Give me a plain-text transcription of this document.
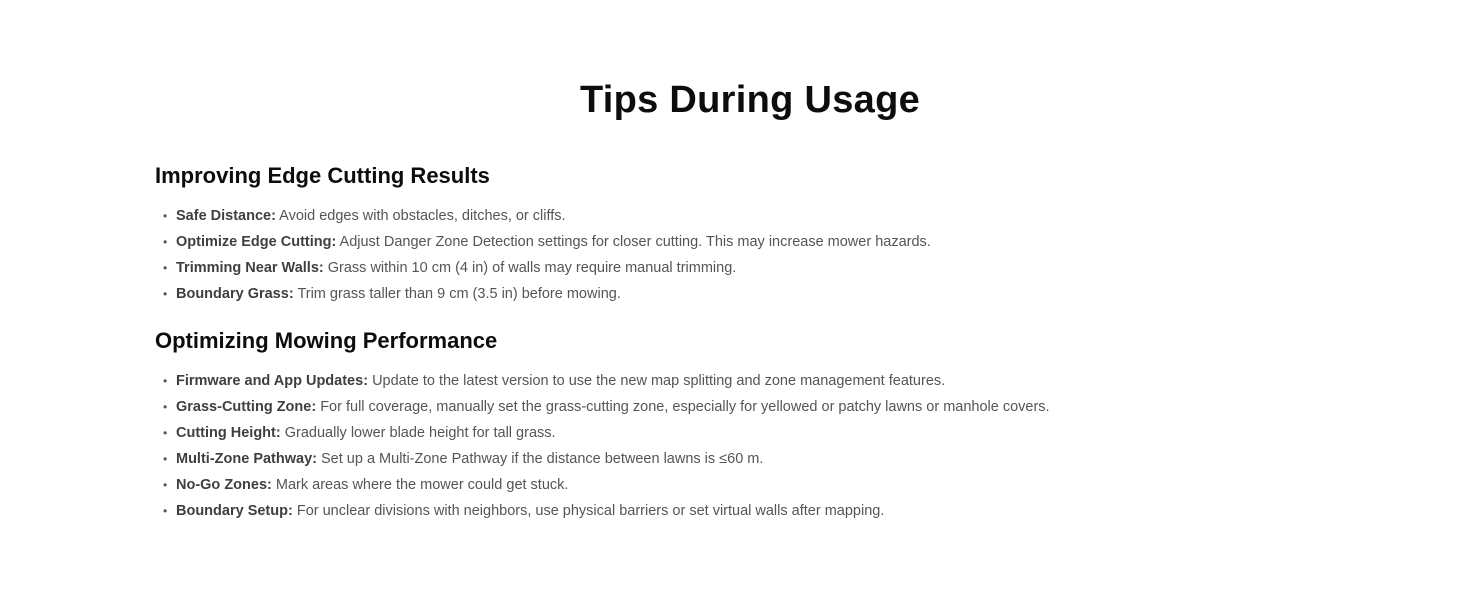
Tips During Usage
Improving Edge Cutting Results
• Safe Distance: Avoid edges with obstacles, ditches, or cliffs.
• Optimize Edge Cutting: Adjust Danger Zone Detection settings for closer cutting. This may increase mower hazards.
• Trimming Near Walls: Grass within 10 cm (4 in) of walls may require manual trimming.
• Boundary Grass: Trim grass taller than 9 cm (3.5 in) before mowing.
Optimizing Mowing Performance
• Firmware and App Updates: Update to the latest version to use the new map splitting and zone management features.
• Grass-Cutting Zone: For full coverage, manually set the grass-cutting zone, especially for yellowed or patchy lawns or manhole covers.
• Cutting Height: Gradually lower blade height for tall grass.
• Multi-Zone Pathway: Set up a Multi-Zone Pathway if the distance between lawns is ≤60 m.
• No-Go Zones: Mark areas where the mower could get stuck.
• Boundary Setup: For unclear divisions with neighbors, use physical barriers or set virtual walls after mapping.
